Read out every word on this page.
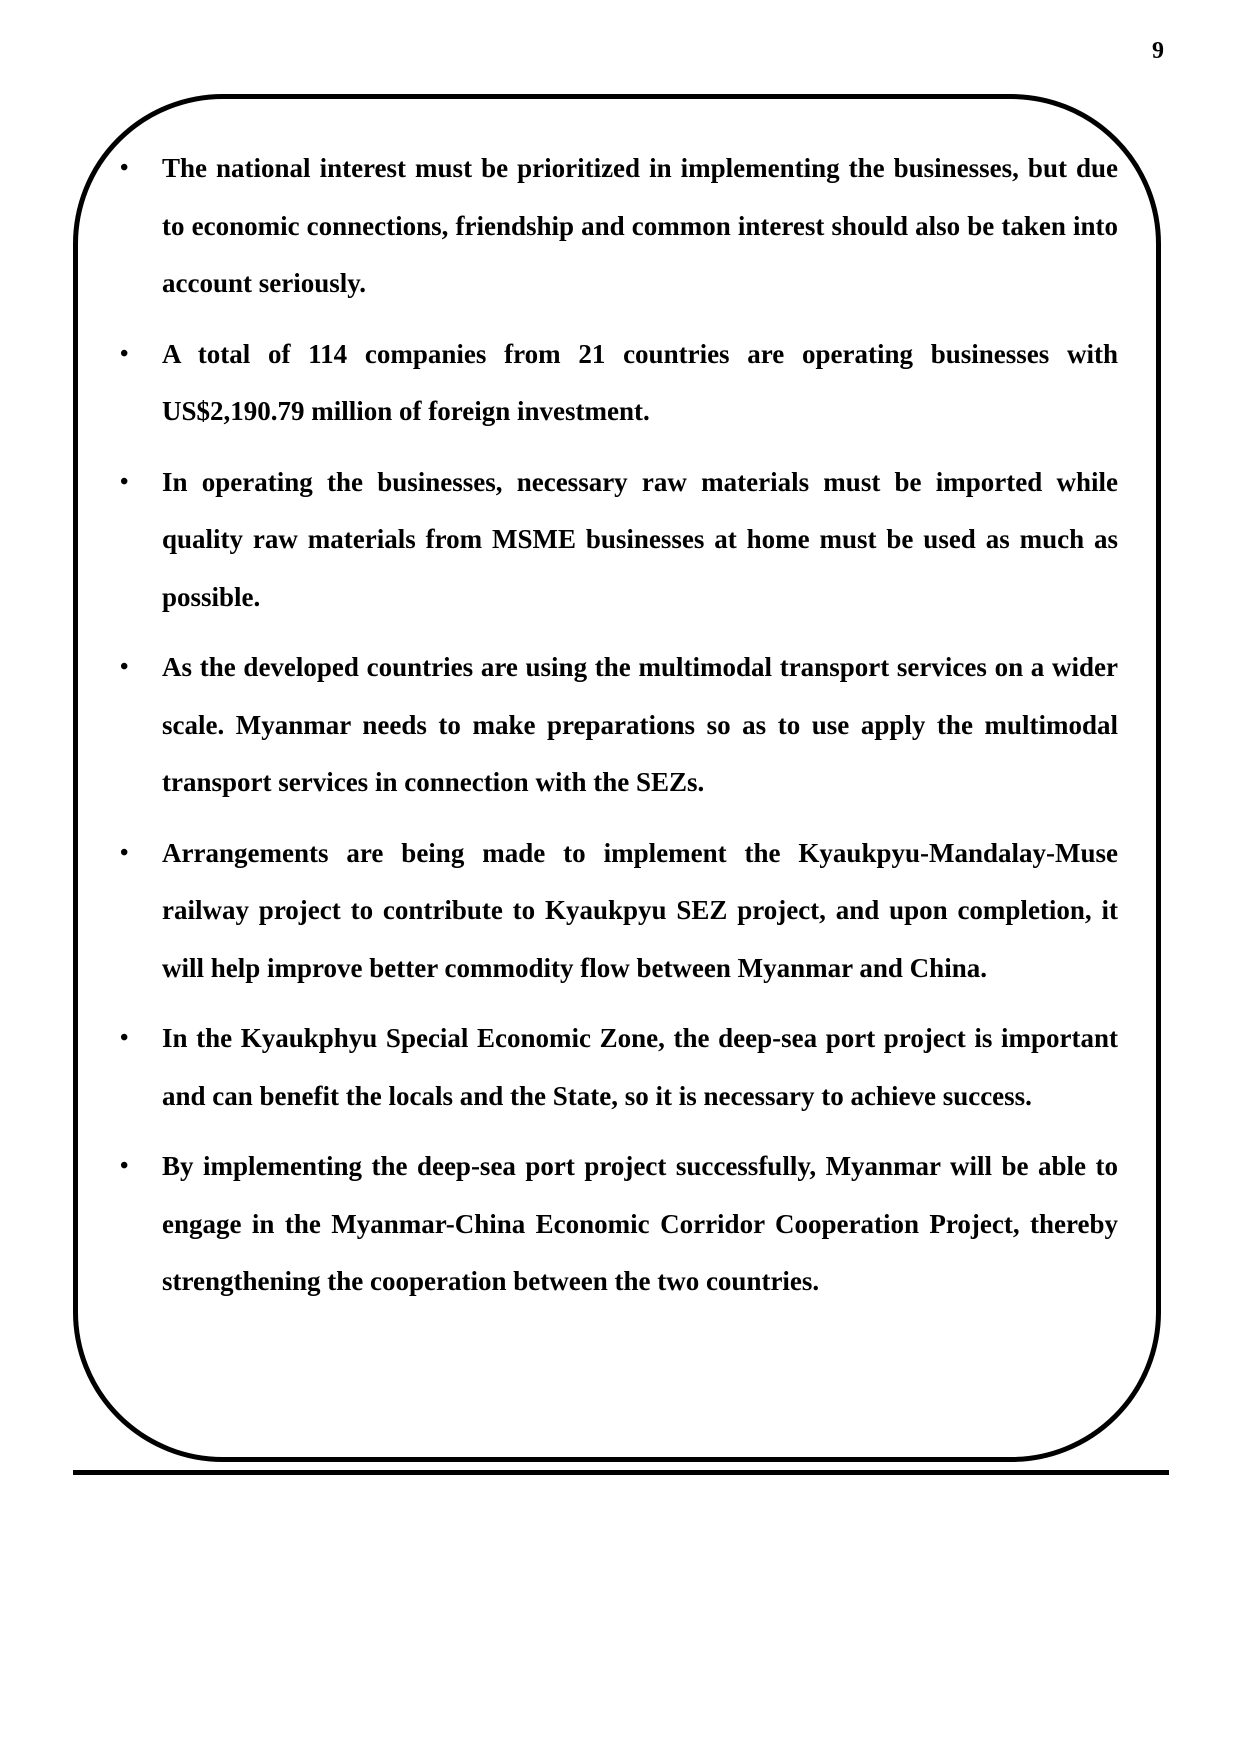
9
•	The national interest must be prioritized in implementing the businesses, but due to economic connections, friendship and common interest should also be taken into account seriously.
•	A total of 114 companies from 21 countries are operating businesses with US$2,190.79 million of foreign investment.
•	In operating the businesses, necessary raw materials must be imported while quality raw materials from MSME businesses at home must be used as much as possible.
•	As the developed countries are using the multimodal transport services on a wider scale. Myanmar needs to make preparations so as to use apply the multimodal transport services in connection with the SEZs.
•	Arrangements are being made to implement the Kyaukpyu-Mandalay-Muse railway project to contribute to Kyaukpyu SEZ project, and upon completion, it will help improve better commodity flow between Myanmar and China.
•	In the Kyaukphyu Special Economic Zone, the deep-sea port project is important and can benefit the locals and the State, so it is necessary to achieve success.
•	By implementing the deep-sea port project successfully, Myanmar will be able to engage in the Myanmar-China Economic Corridor Cooperation Project, thereby strengthening the cooperation between the two countries.
